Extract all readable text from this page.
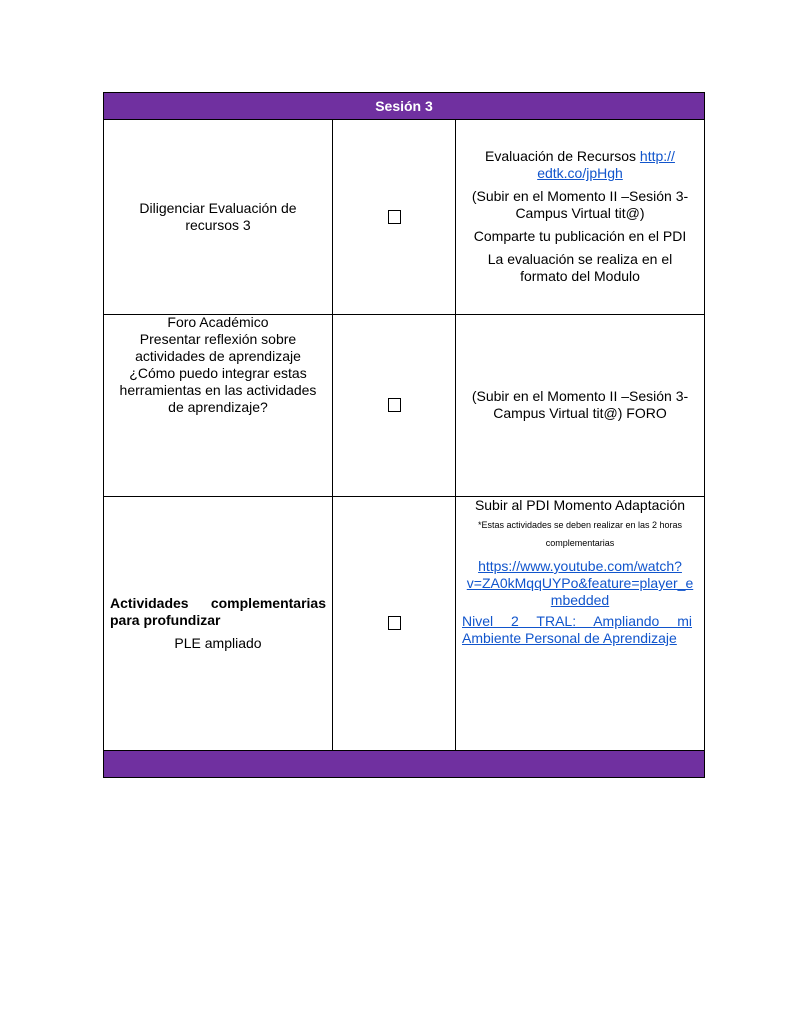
Sesión 3
Diligenciar Evaluación de
recursos 3
Evaluación de Recursos http://
edtk.co/jpHgh
(Subir en el Momento II –Sesión 3-
Campus Virtual tit@)
Comparte tu publicación en el PDI
La evaluación se realiza en el
formato del Modulo
Foro Académico
Presentar reflexión sobre
actividades de aprendizaje
¿Cómo puedo integrar estas
herramientas en las actividades
de aprendizaje?
(Subir en el Momento II –Sesión 3-
Campus Virtual tit@) FORO
Actividades complementarias
para profundizar
PLE ampliado
Subir al PDI Momento Adaptación
*Estas actividades se deben realizar en las 2 horas
complementarias
https://www.youtube.com/watch?
v=ZA0kMqqUYPo&feature=player_e
mbedded
Nivel 2 TRAL: Ampliando mi
Ambiente Personal de Aprendizaje
